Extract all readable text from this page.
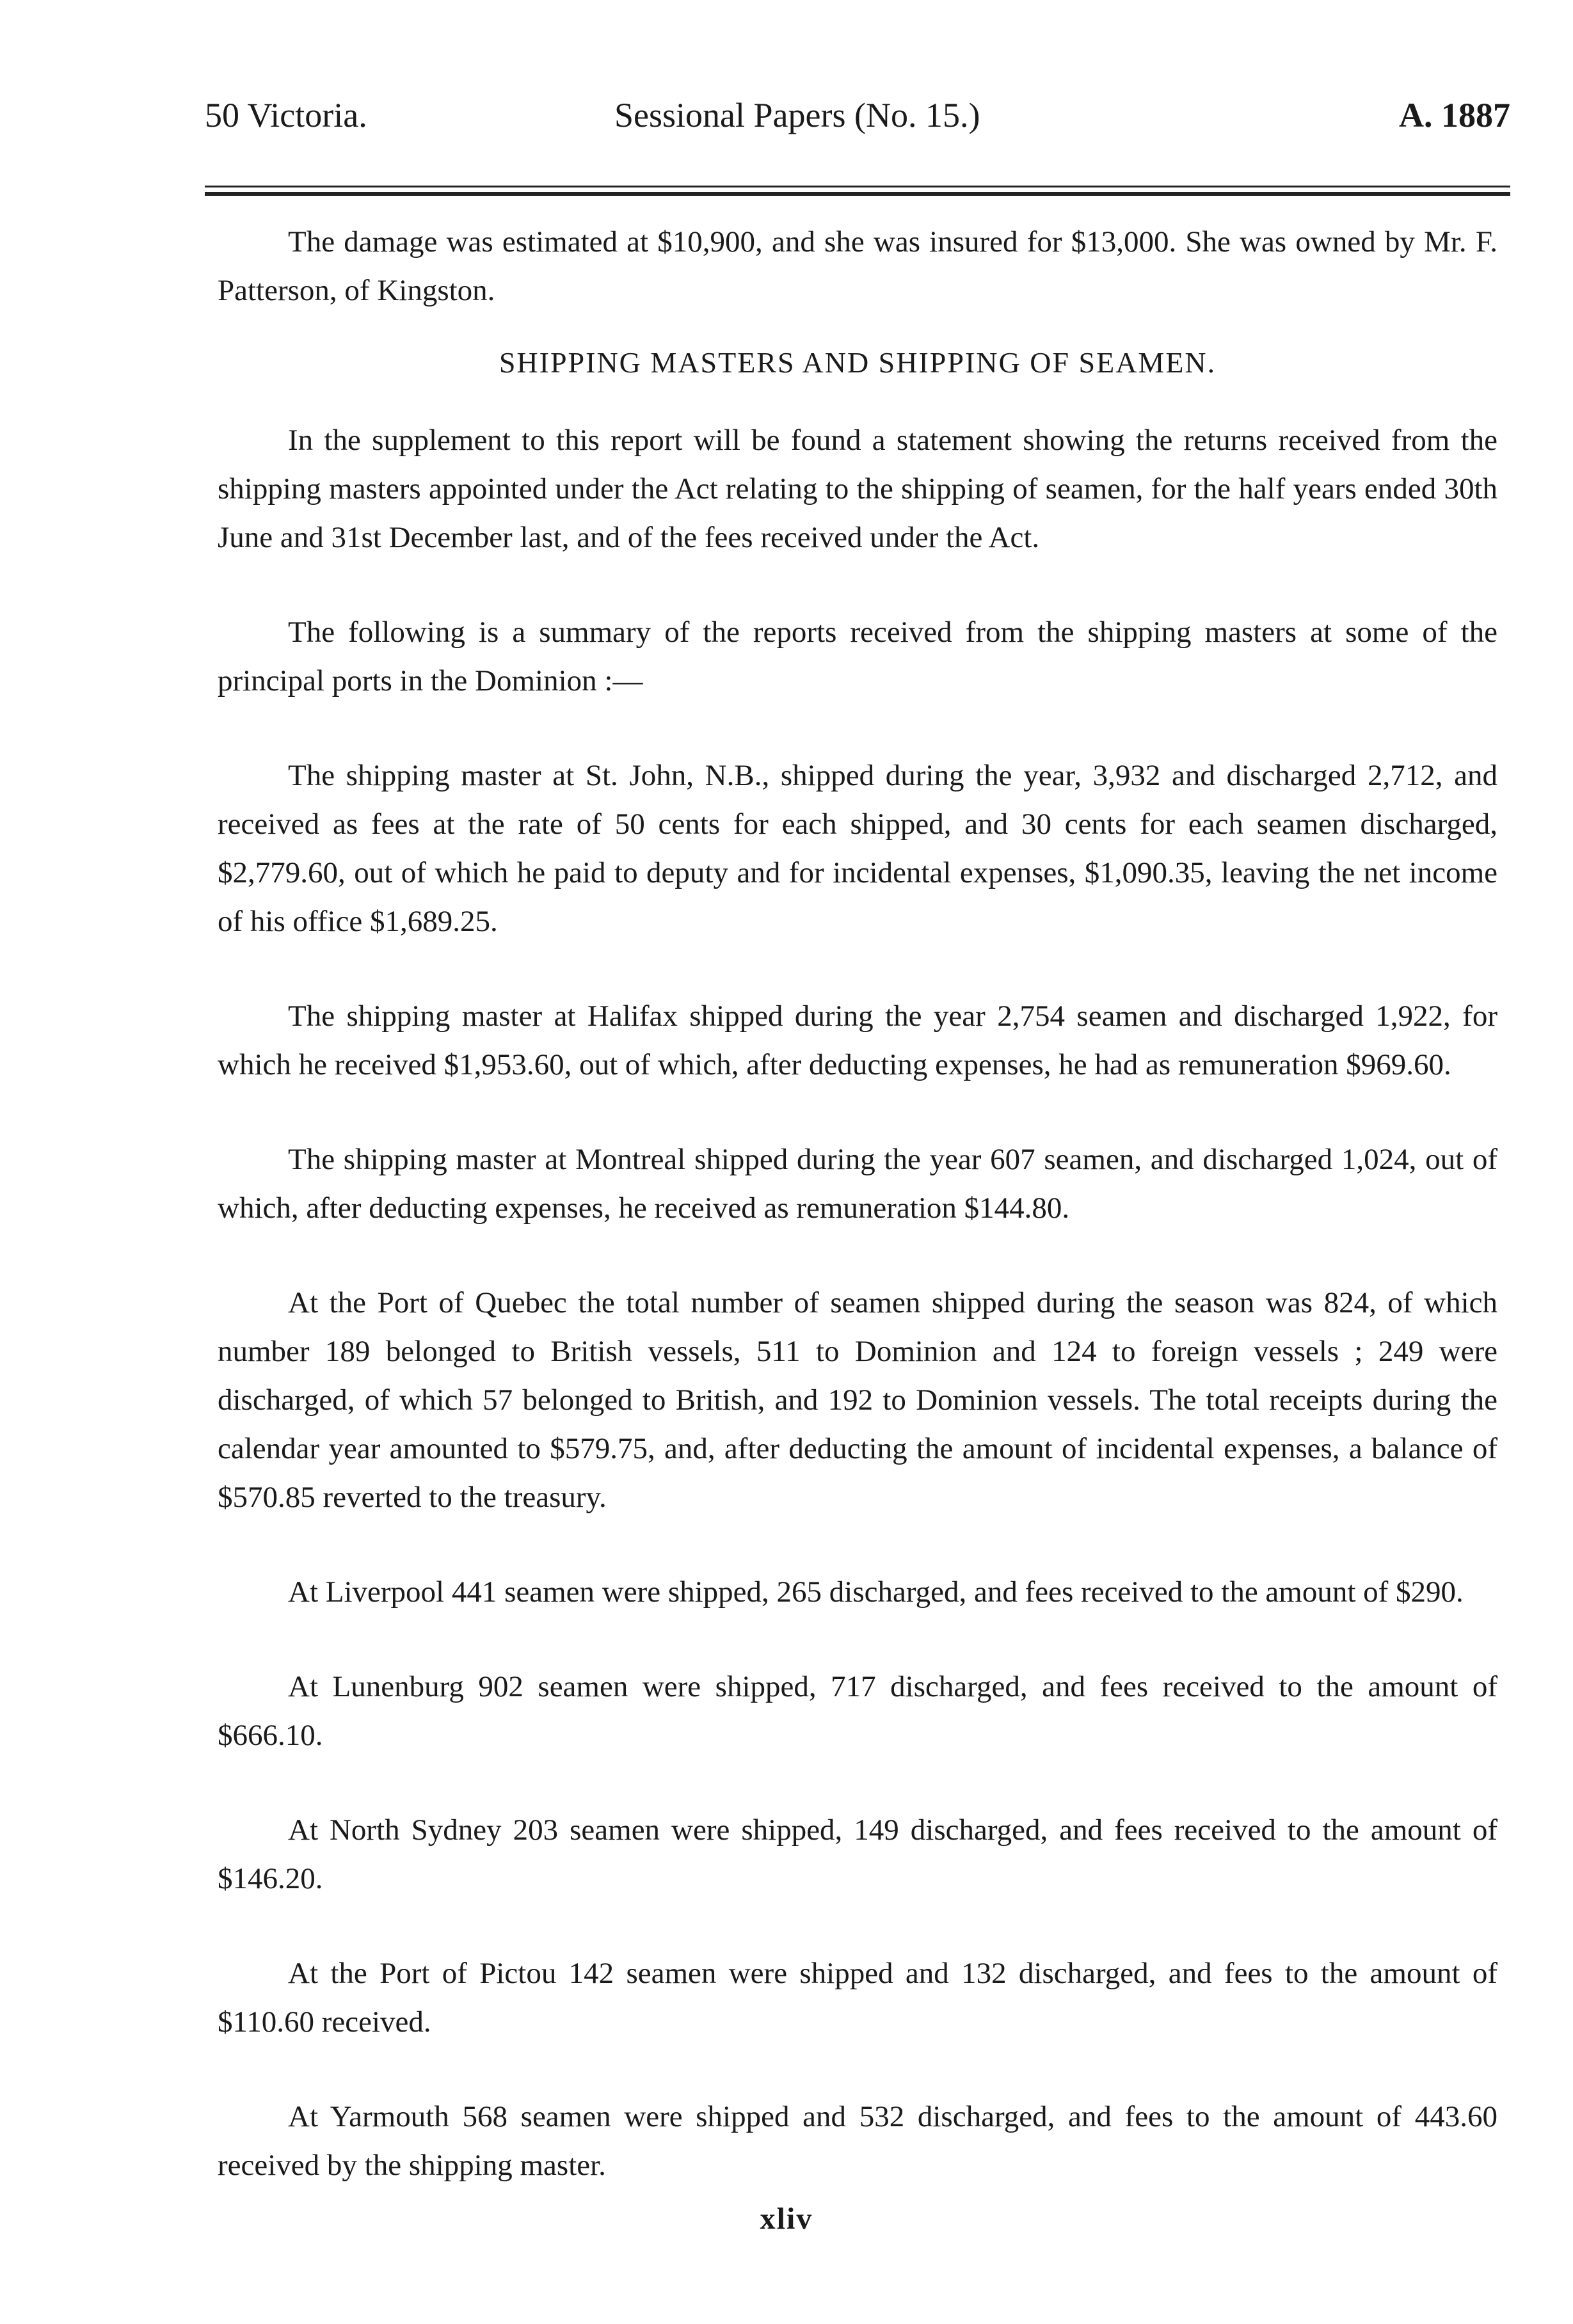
50 Victoria.	Sessional Papers (No. 15.)	A. 1887

The damage was estimated at $10,900, and she was insured for $13,000. She was owned by Mr. F. Patterson, of Kingston.

SHIPPING MASTERS AND SHIPPING OF SEAMEN.

In the supplement to this report will be found a statement showing the returns received from the shipping masters appointed under the Act relating to the shipping of seamen, for the half years ended 30th June and 31st December last, and of the fees received under the Act.

The following is a summary of the reports received from the shipping masters at some of the principal ports in the Dominion :—

The shipping master at St. John, N.B., shipped during the year, 3,932 and discharged 2,712, and received as fees at the rate of 50 cents for each shipped, and 30 cents for each seamen discharged, $2,779.60, out of which he paid to deputy and for incidental expenses, $1,090.35, leaving the net income of his office $1,689.25.

The shipping master at Halifax shipped during the year 2,754 seamen and discharged 1,922, for which he received $1,953.60, out of which, after deducting expenses, he had as remuneration $969.60.

The shipping master at Montreal shipped during the year 607 seamen, and discharged 1,024, out of which, after deducting expenses, he received as remuneration $144.80.

At the Port of Quebec the total number of seamen shipped during the season was 824, of which number 189 belonged to British vessels, 511 to Dominion and 124 to foreign vessels ; 249 were discharged, of which 57 belonged to British, and 192 to Dominion vessels. The total receipts during the calendar year amounted to $579.75, and, after deducting the amount of incidental expenses, a balance of $570.85 reverted to the treasury.

At Liverpool 441 seamen were shipped, 265 discharged, and fees received to the amount of $290.

At Lunenburg 902 seamen were shipped, 717 discharged, and fees received to the amount of $666.10.

At North Sydney 203 seamen were shipped, 149 discharged, and fees received to the amount of $146.20.

At the Port of Pictou 142 seamen were shipped and 132 discharged, and fees to the amount of $110.60 received.

At Yarmouth 568 seamen were shipped and 532 discharged, and fees to the amount of 443.60 received by the shipping master.

xliv
